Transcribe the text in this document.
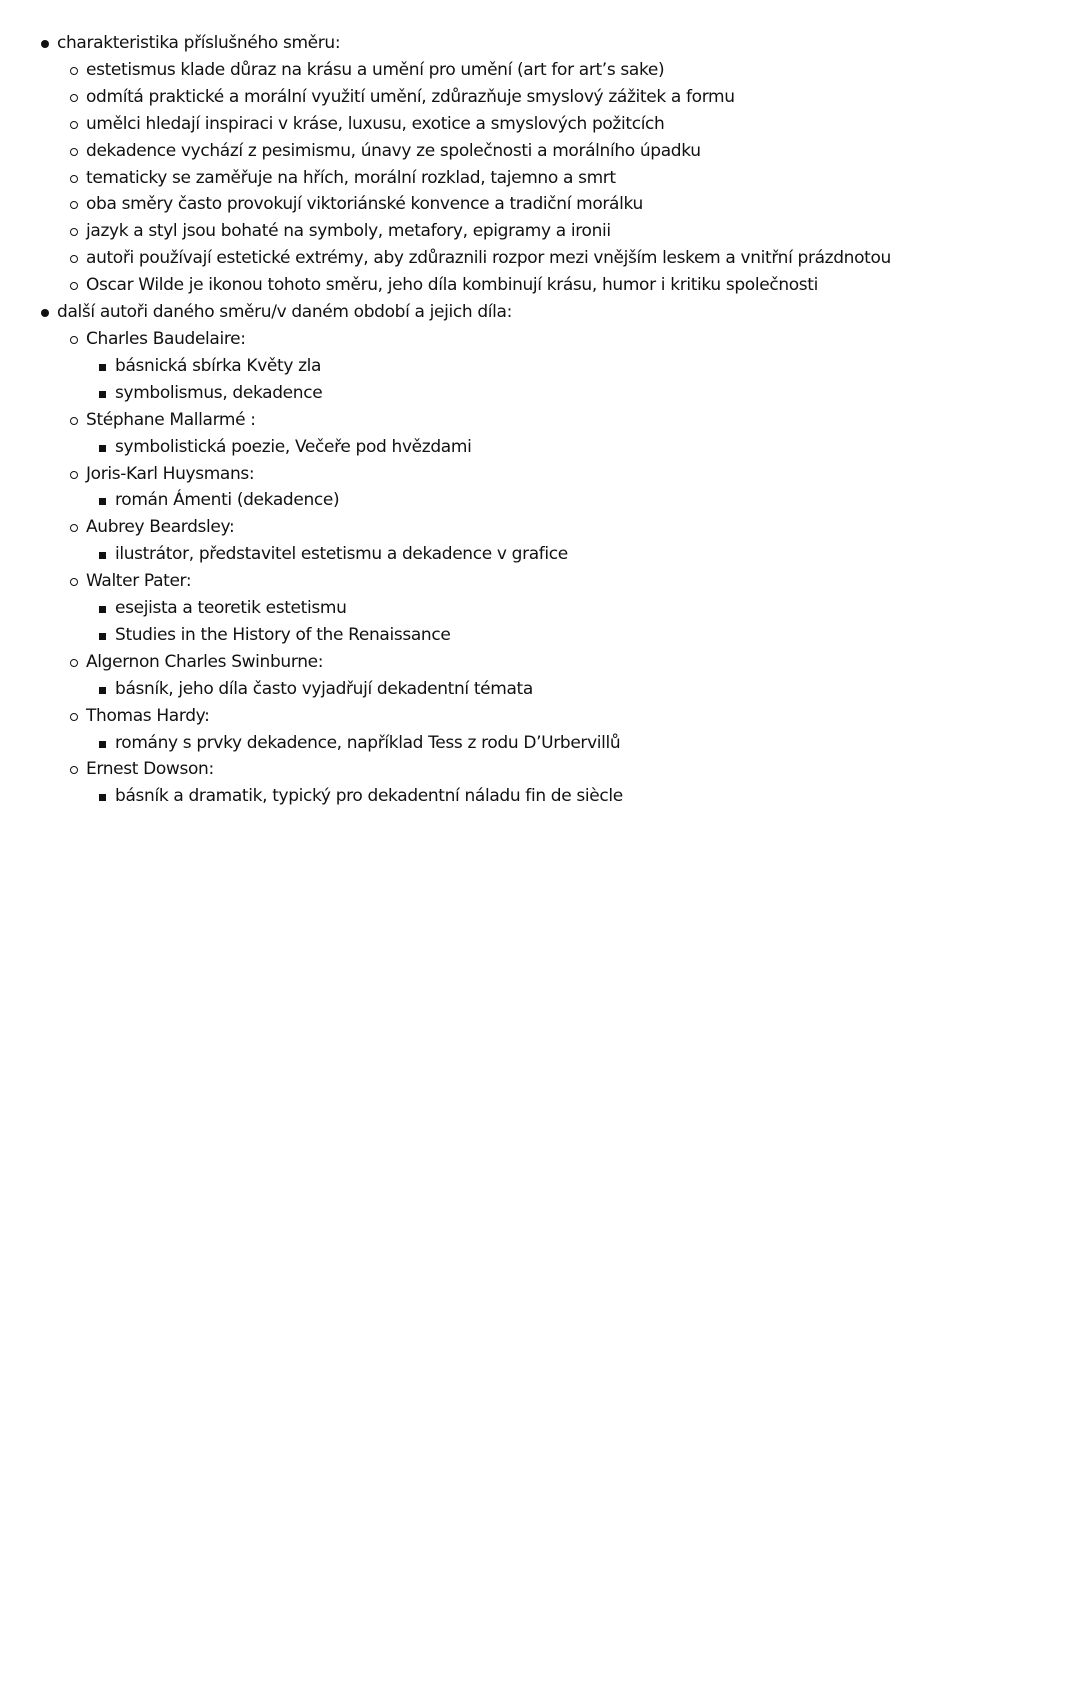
charakteristika příslušného směru:
estetismus klade důraz na krásu a umění pro umění (art for art’s sake)
odmítá praktické a morální využití umění, zdůrazňuje smyslový zážitek a formu
umělci hledají inspiraci v kráse, luxusu, exotice a smyslových požitcích
dekadence vychází z pesimismu, únavy ze společnosti a morálního úpadku
tematicky se zaměřuje na hřích, morální rozklad, tajemno a smrt
oba směry často provokují viktoriánské konvence a tradiční morálku
jazyk a styl jsou bohaté na symboly, metafory, epigramy a ironii
autoři používají estetické extrémy, aby zdůraznili rozpor mezi vnějším leskem a vnitřní prázdnotou
Oscar Wilde je ikonou tohoto směru, jeho díla kombinují krásu, humor i kritiku společnosti
další autoři daného směru/v daném období a jejich díla:
Charles Baudelaire:
básnická sbírka Květy zla
symbolismus, dekadence
Stéphane Mallarmé :
symbolistická poezie, Večeře pod hvězdami
Joris-Karl Huysmans:
román Ámenti (dekadence)
Aubrey Beardsley:
ilustrátor, představitel estetismu a dekadence v grafice
Walter Pater:
esejista a teoretik estetismu
Studies in the History of the Renaissance
Algernon Charles Swinburne:
básník, jeho díla často vyjadřují dekadentní témata
Thomas Hardy:
romány s prvky dekadence, například Tess z rodu D’Urbervillů
Ernest Dowson:
básník a dramatik, typický pro dekadentní náladu fin de siècle
